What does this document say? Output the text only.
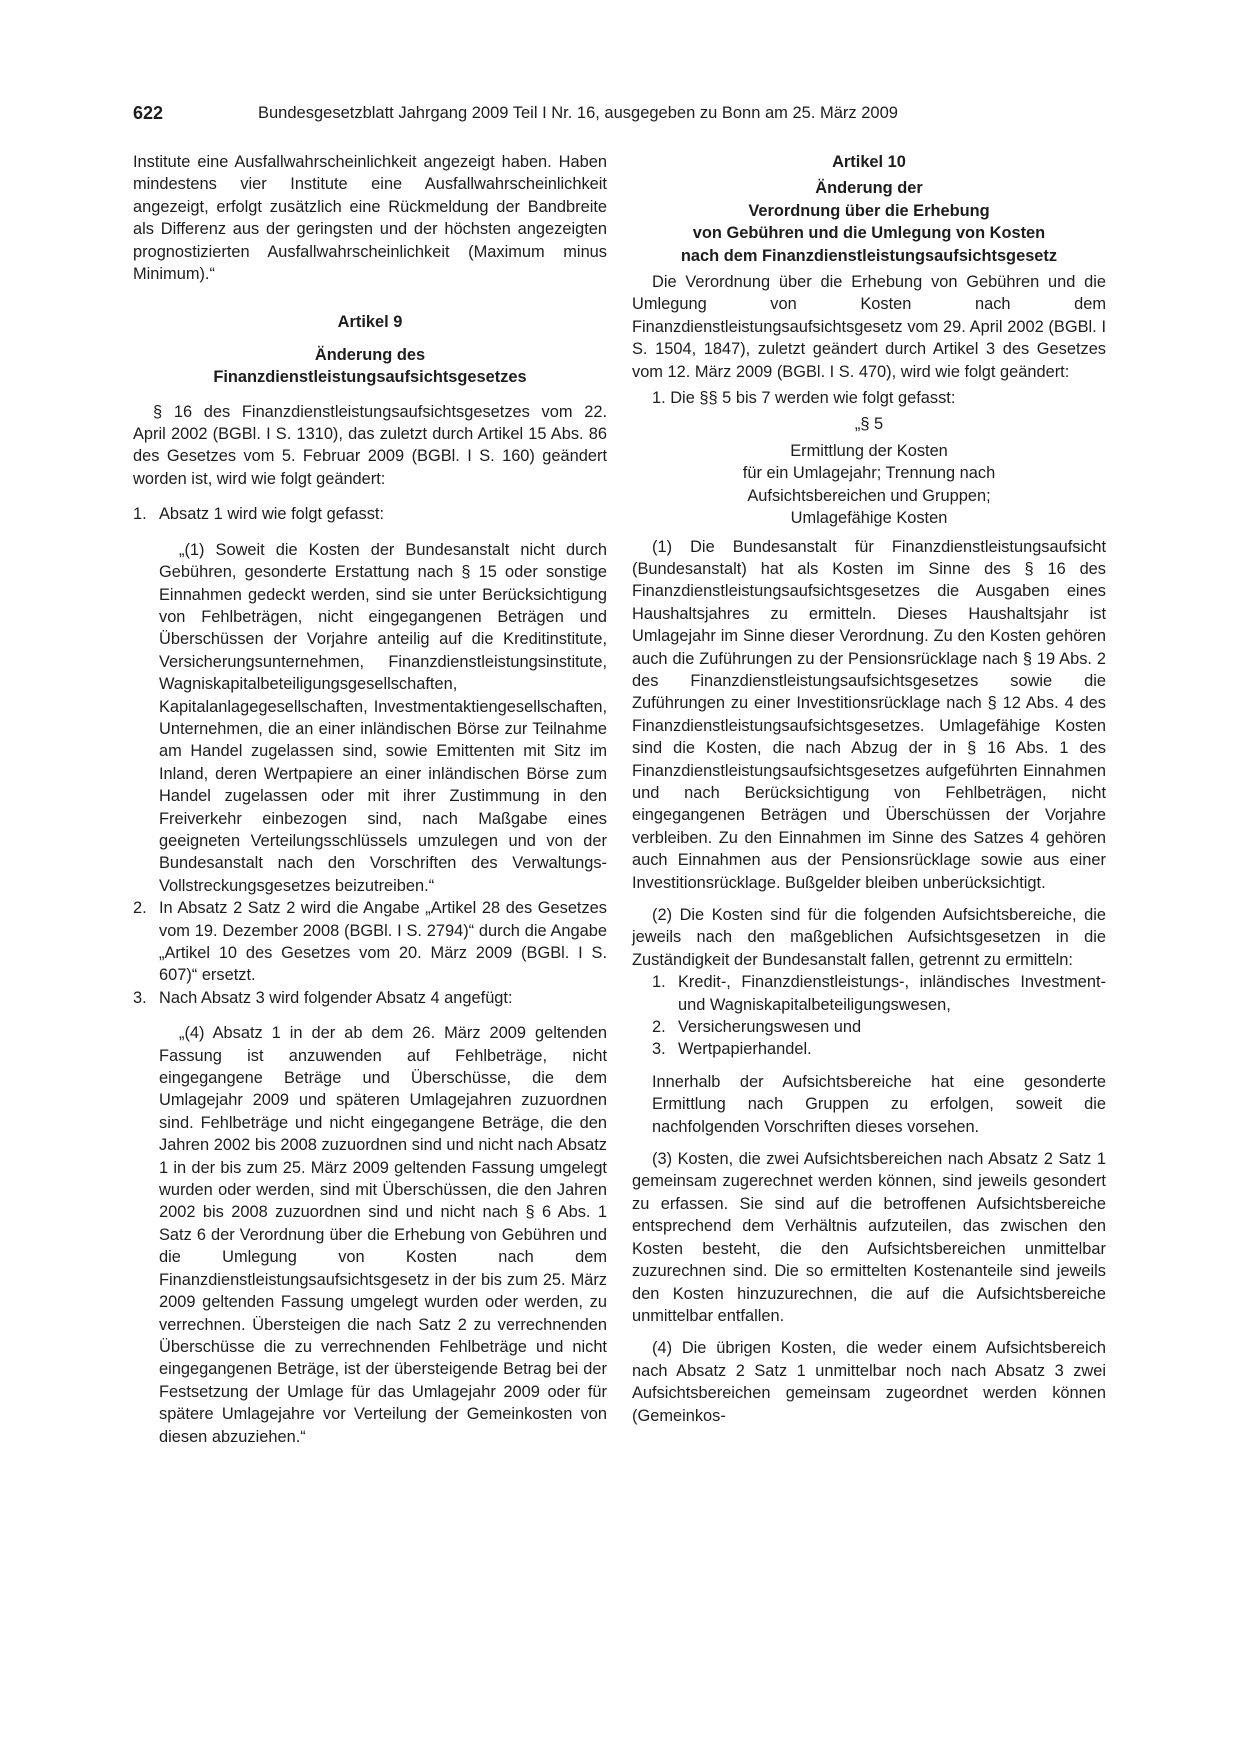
622	Bundesgesetzblatt Jahrgang 2009 Teil I Nr. 16, ausgegeben zu Bonn am 25. März 2009

Institute eine Ausfallwahrscheinlichkeit angezeigt haben. Haben mindestens vier Institute eine Ausfallwahrscheinlichkeit angezeigt, erfolgt zusätzlich eine Rückmeldung der Bandbreite als Differenz aus der geringsten und der höchsten angezeigten prognostizierten Ausfallwahrscheinlichkeit (Maximum minus Minimum).“

Artikel 9
Änderung des
Finanzdienstleistungsaufsichtsgesetzes

§ 16 des Finanzdienstleistungsaufsichtsgesetzes vom 22. April 2002 (BGBl. I S. 1310), das zuletzt durch Artikel 15 Abs. 86 des Gesetzes vom 5. Februar 2009 (BGBl. I S. 160) geändert worden ist, wird wie folgt geändert:

1. Absatz 1 wird wie folgt gefasst:

„(1) Soweit die Kosten der Bundesanstalt nicht durch Gebühren, gesonderte Erstattung nach § 15 oder sonstige Einnahmen gedeckt werden, sind sie unter Berücksichtigung von Fehlbeträgen, nicht eingegangenen Beträgen und Überschüssen der Vorjahre anteilig auf die Kreditinstitute, Versicherungsunternehmen, Finanzdienstleistungsinstitute, Wagniskapitalbeteiligungsgesellschaften, Kapitalanlagegesellschaften, Investmentaktiengesellschaften, Unternehmen, die an einer inländischen Börse zur Teilnahme am Handel zugelassen sind, sowie Emittenten mit Sitz im Inland, deren Wertpapiere an einer inländischen Börse zum Handel zugelassen oder mit ihrer Zustimmung in den Freiverkehr einbezogen sind, nach Maßgabe eines geeigneten Verteilungsschlüssels umzulegen und von der Bundesanstalt nach den Vorschriften des Verwaltungs-Vollstreckungsgesetzes beizutreiben.“

2. In Absatz 2 Satz 2 wird die Angabe „Artikel 28 des Gesetzes vom 19. Dezember 2008 (BGBl. I S. 2794)“ durch die Angabe „Artikel 10 des Gesetzes vom 20. März 2009 (BGBl. I S. 607)“ ersetzt.
3. Nach Absatz 3 wird folgender Absatz 4 angefügt:

„(4) Absatz 1 in der ab dem 26. März 2009 geltenden Fassung ist anzuwenden auf Fehlbeträge, nicht eingegangene Beträge und Überschüsse, die dem Umlagejahr 2009 und späteren Umlagejahren zuzuordnen sind. Fehlbeträge und nicht eingegangene Beträge, die den Jahren 2002 bis 2008 zuzuordnen sind und nicht nach Absatz 1 in der bis zum 25. März 2009 geltenden Fassung umgelegt wurden oder werden, sind mit Überschüssen, die den Jahren 2002 bis 2008 zuzuordnen sind und nicht nach § 6 Abs. 1 Satz 6 der Verordnung über die Erhebung von Gebühren und die Umlegung von Kosten nach dem Finanzdienstleistungsaufsichtsgesetz in der bis zum 25. März 2009 geltenden Fassung umgelegt wurden oder werden, zu verrechnen. Übersteigen die nach Satz 2 zu verrechnenden Überschüsse die zu verrechnenden Fehlbeträge und nicht eingegangenen Beträge, ist der übersteigende Betrag bei der Festsetzung der Umlage für das Umlagejahr 2009 oder für spätere Umlagejahre vor Verteilung der Gemeinkosten von diesen abzuziehen.“

Artikel 10
Änderung der
Verordnung über die Erhebung
von Gebühren und die Umlegung von Kosten
nach dem Finanzdienstleistungsaufsichtsgesetz

Die Verordnung über die Erhebung von Gebühren und die Umlegung von Kosten nach dem Finanzdienstleistungsaufsichtsgesetz vom 29. April 2002 (BGBl. I S. 1504, 1847), zuletzt geändert durch Artikel 3 des Gesetzes vom 12. März 2009 (BGBl. I S. 470), wird wie folgt geändert:

1. Die §§ 5 bis 7 werden wie folgt gefasst:

„§ 5
Ermittlung der Kosten
für ein Umlagejahr; Trennung nach
Aufsichtsbereichen und Gruppen;
Umlagefähige Kosten

(1) Die Bundesanstalt für Finanzdienstleistungsaufsicht (Bundesanstalt) hat als Kosten im Sinne des § 16 des Finanzdienstleistungsaufsichtsgesetzes die Ausgaben eines Haushaltsjahres zu ermitteln. Dieses Haushaltsjahr ist Umlagejahr im Sinne dieser Verordnung. Zu den Kosten gehören auch die Zuführungen zu der Pensionsrücklage nach § 19 Abs. 2 des Finanzdienstleistungsaufsichtsgesetzes sowie die Zuführungen zu einer Investitionsrücklage nach § 12 Abs. 4 des Finanzdienstleistungsaufsichtsgesetzes. Umlagefähige Kosten sind die Kosten, die nach Abzug der in § 16 Abs. 1 des Finanzdienstleistungsaufsichtsgesetzes aufgeführten Einnahmen und nach Berücksichtigung von Fehlbeträgen, nicht eingegangenen Beträgen und Überschüssen der Vorjahre verbleiben. Zu den Einnahmen im Sinne des Satzes 4 gehören auch Einnahmen aus der Pensionsrücklage sowie aus einer Investitionsrücklage. Bußgelder bleiben unberücksichtigt.

(2) Die Kosten sind für die folgenden Aufsichtsbereiche, die jeweils nach den maßgeblichen Aufsichtsgesetzen in die Zuständigkeit der Bundesanstalt fallen, getrennt zu ermitteln:

1. Kredit-, Finanzdienstleistungs-, inländisches Investment- und Wagniskapitalbeteiligungswesen,
2. Versicherungswesen und
3. Wertpapierhandel.

Innerhalb der Aufsichtsbereiche hat eine gesonderte Ermittlung nach Gruppen zu erfolgen, soweit die nachfolgenden Vorschriften dieses vorsehen.

(3) Kosten, die zwei Aufsichtsbereichen nach Absatz 2 Satz 1 gemeinsam zugerechnet werden können, sind jeweils gesondert zu erfassen. Sie sind auf die betroffenen Aufsichtsbereiche entsprechend dem Verhältnis aufzuteilen, das zwischen den Kosten besteht, die den Aufsichtsbereichen unmittelbar zuzurechnen sind. Die so ermittelten Kostenanteile sind jeweils den Kosten hinzuzurechnen, die auf die Aufsichtsbereiche unmittelbar entfallen.

(4) Die übrigen Kosten, die weder einem Aufsichtsbereich nach Absatz 2 Satz 1 unmittelbar noch nach Absatz 3 zwei Aufsichtsbereichen gemeinsam zugeordnet werden können (Gemeinkos-
